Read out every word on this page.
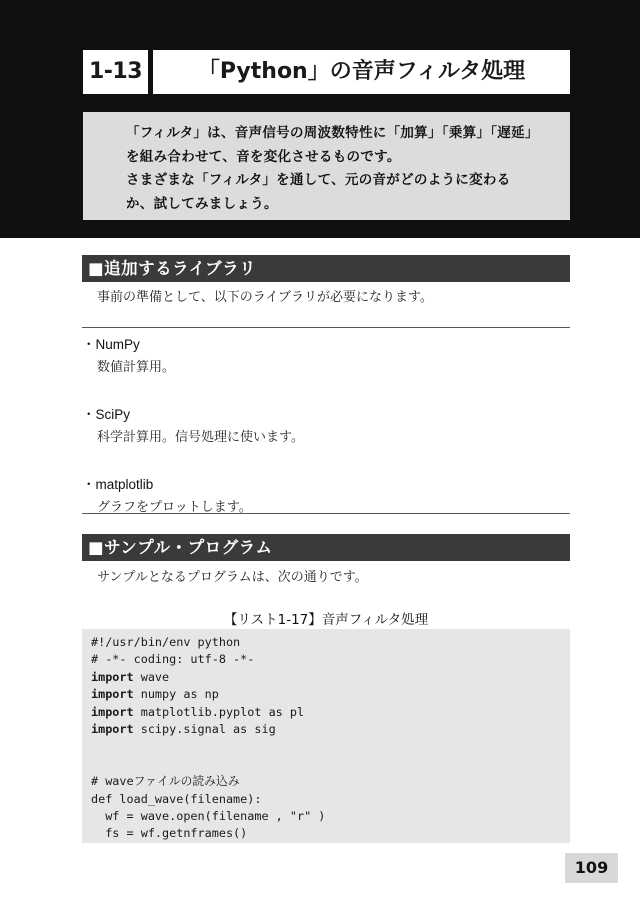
1-13	「Python」の音声フィルタ処理
「フィルタ」は、音声信号の周波数特性に「加算」「乗算」「遅延」
を組み合わせて、音を変化させるものです。
さまざまな「フィルタ」を通して、元の音がどのように変わる
か、試してみましょう。
■追加するライブラリ
事前の準備として、以下のライブラリが必要になります。
・NumPy
数値計算用。
・SciPy
科学計算用。信号処理に使います。
・matplotlib
グラフをプロットします。
■サンプル・プログラム
サンプルとなるプログラムは、次の通りです。
【リスト1-17】音声フィルタ処理
#!/usr/bin/env python
# -*- coding: utf-8 -*-
import wave
import numpy as np
import matplotlib.pyplot as pl
import scipy.signal as sig
# waveファイルの読み込み
def load_wave(filename):
wf = wave.open(filename , "r" )
fs = wf.getnframes()
109
